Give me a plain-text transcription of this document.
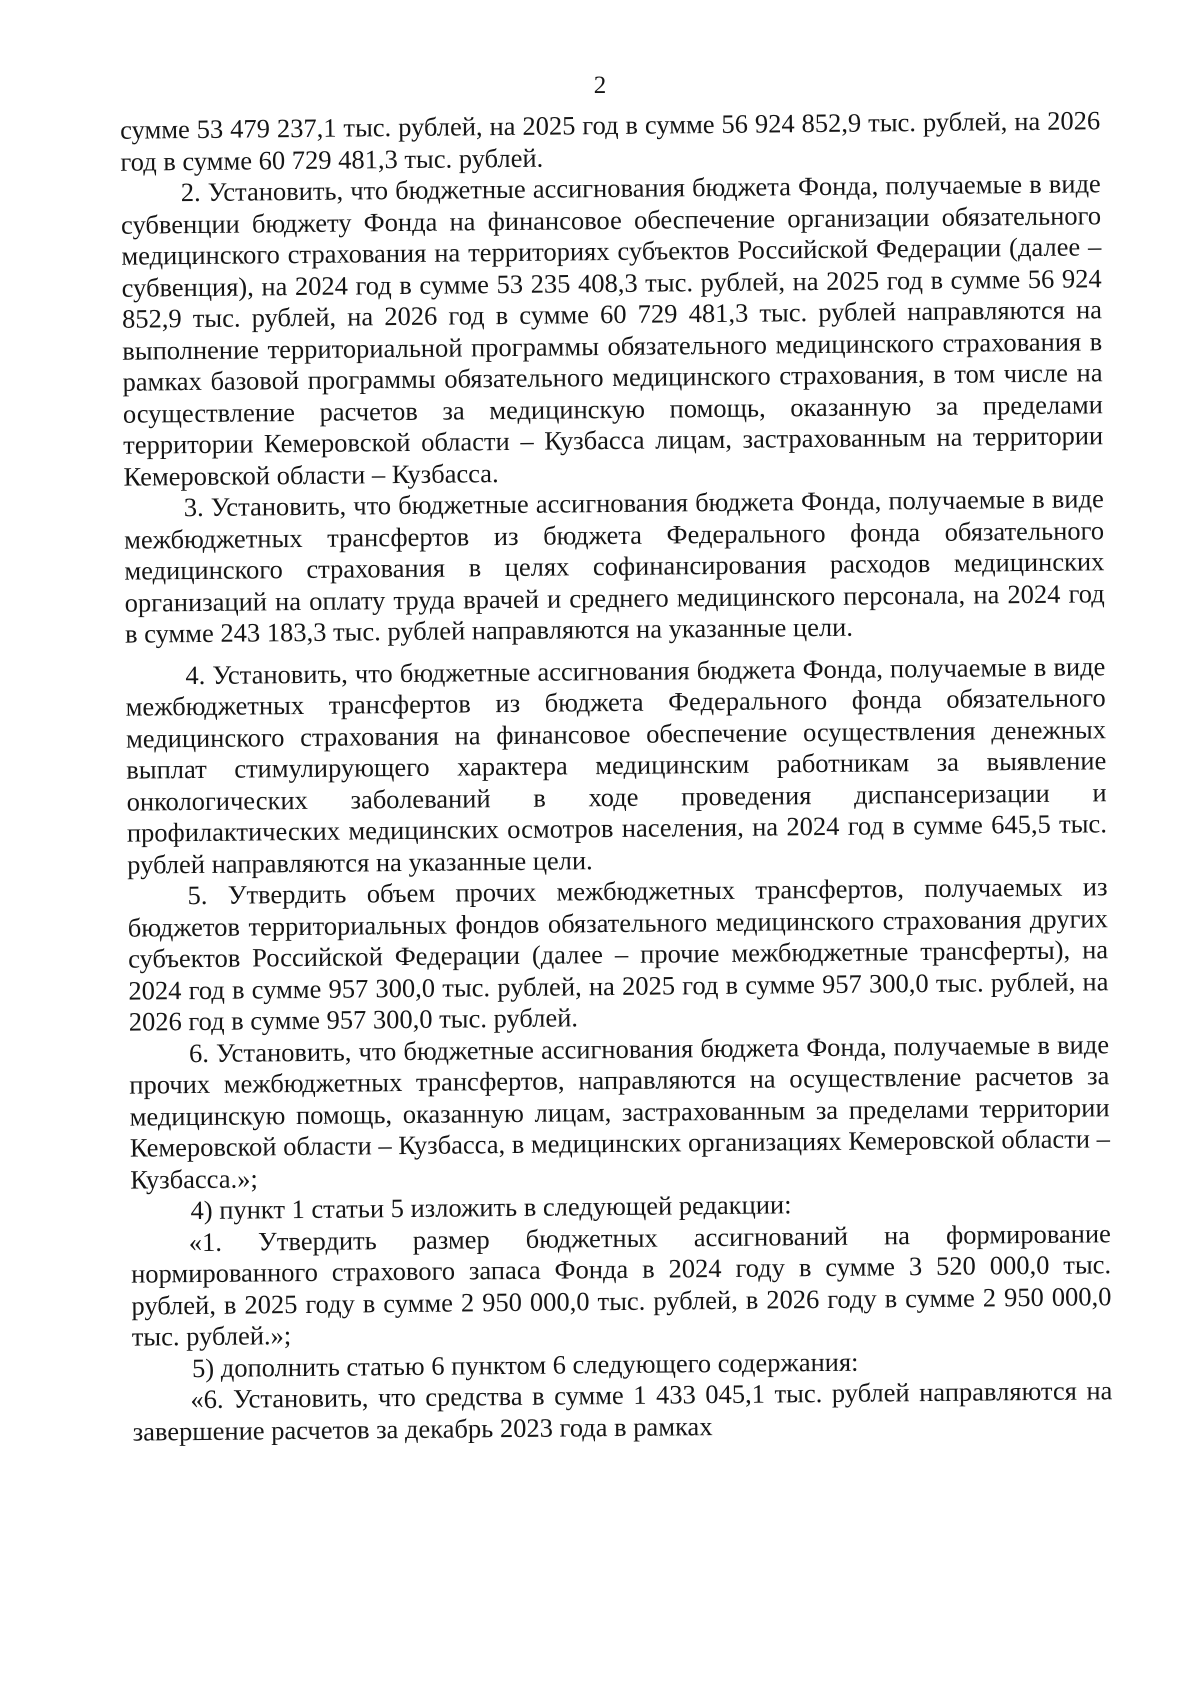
2

сумме 53 479 237,1 тыс. рублей, на 2025 год в сумме 56 924 852,9 тыс. рублей, на 2026 год в сумме 60 729 481,3 тыс. рублей.

2. Установить, что бюджетные ассигнования бюджета Фонда, получаемые в виде субвенции бюджету Фонда на финансовое обеспечение организации обязательного медицинского страхования на территориях субъектов Российской Федерации (далее – субвенция), на 2024 год в сумме 53 235 408,3 тыс. рублей, на 2025 год в сумме 56 924 852,9 тыс. рублей, на 2026 год в сумме 60 729 481,3 тыс. рублей направляются на выполнение территориальной программы обязательного медицинского страхования в рамках базовой программы обязательного медицинского страхования, в том числе на осуществление расчетов за медицинскую помощь, оказанную за пределами территории Кемеровской области – Кузбасса лицам, застрахованным на территории Кемеровской области – Кузбасса.

3. Установить, что бюджетные ассигнования бюджета Фонда, получаемые в виде межбюджетных трансфертов из бюджета Федерального фонда обязательного медицинского страхования в целях софинансирования расходов медицинских организаций на оплату труда врачей и среднего медицинского персонала, на 2024 год в сумме 243 183,3 тыс. рублей направляются на указанные цели.

4. Установить, что бюджетные ассигнования бюджета Фонда, получаемые в виде межбюджетных трансфертов из бюджета Федерального фонда обязательного медицинского страхования на финансовое обеспечение осуществления денежных выплат стимулирующего характера медицинским работникам за выявление онкологических заболеваний в ходе проведения диспансеризации и профилактических медицинских осмотров населения, на 2024 год в сумме 645,5 тыс. рублей направляются на указанные цели.

5. Утвердить объем прочих межбюджетных трансфертов, получаемых из бюджетов территориальных фондов обязательного медицинского страхования других субъектов Российской Федерации (далее – прочие межбюджетные трансферты), на 2024 год в сумме 957 300,0 тыс. рублей, на 2025 год в сумме 957 300,0 тыс. рублей, на 2026 год в сумме 957 300,0 тыс. рублей.

6. Установить, что бюджетные ассигнования бюджета Фонда, получаемые в виде прочих межбюджетных трансфертов, направляются на осуществление расчетов за медицинскую помощь, оказанную лицам, застрахованным за пределами территории Кемеровской области – Кузбасса, в медицинских организациях Кемеровской области – Кузбасса.»;

4) пункт 1 статьи 5 изложить в следующей редакции:

«1. Утвердить размер бюджетных ассигнований на формирование нормированного страхового запаса Фонда в 2024 году в сумме 3 520 000,0 тыс. рублей, в 2025 году в сумме 2 950 000,0 тыс. рублей, в 2026 году в сумме 2 950 000,0 тыс. рублей.»;

5) дополнить статью 6 пунктом 6 следующего содержания:

«6. Установить, что средства в сумме 1 433 045,1 тыс. рублей направляются на завершение расчетов за декабрь 2023 года в рамках
